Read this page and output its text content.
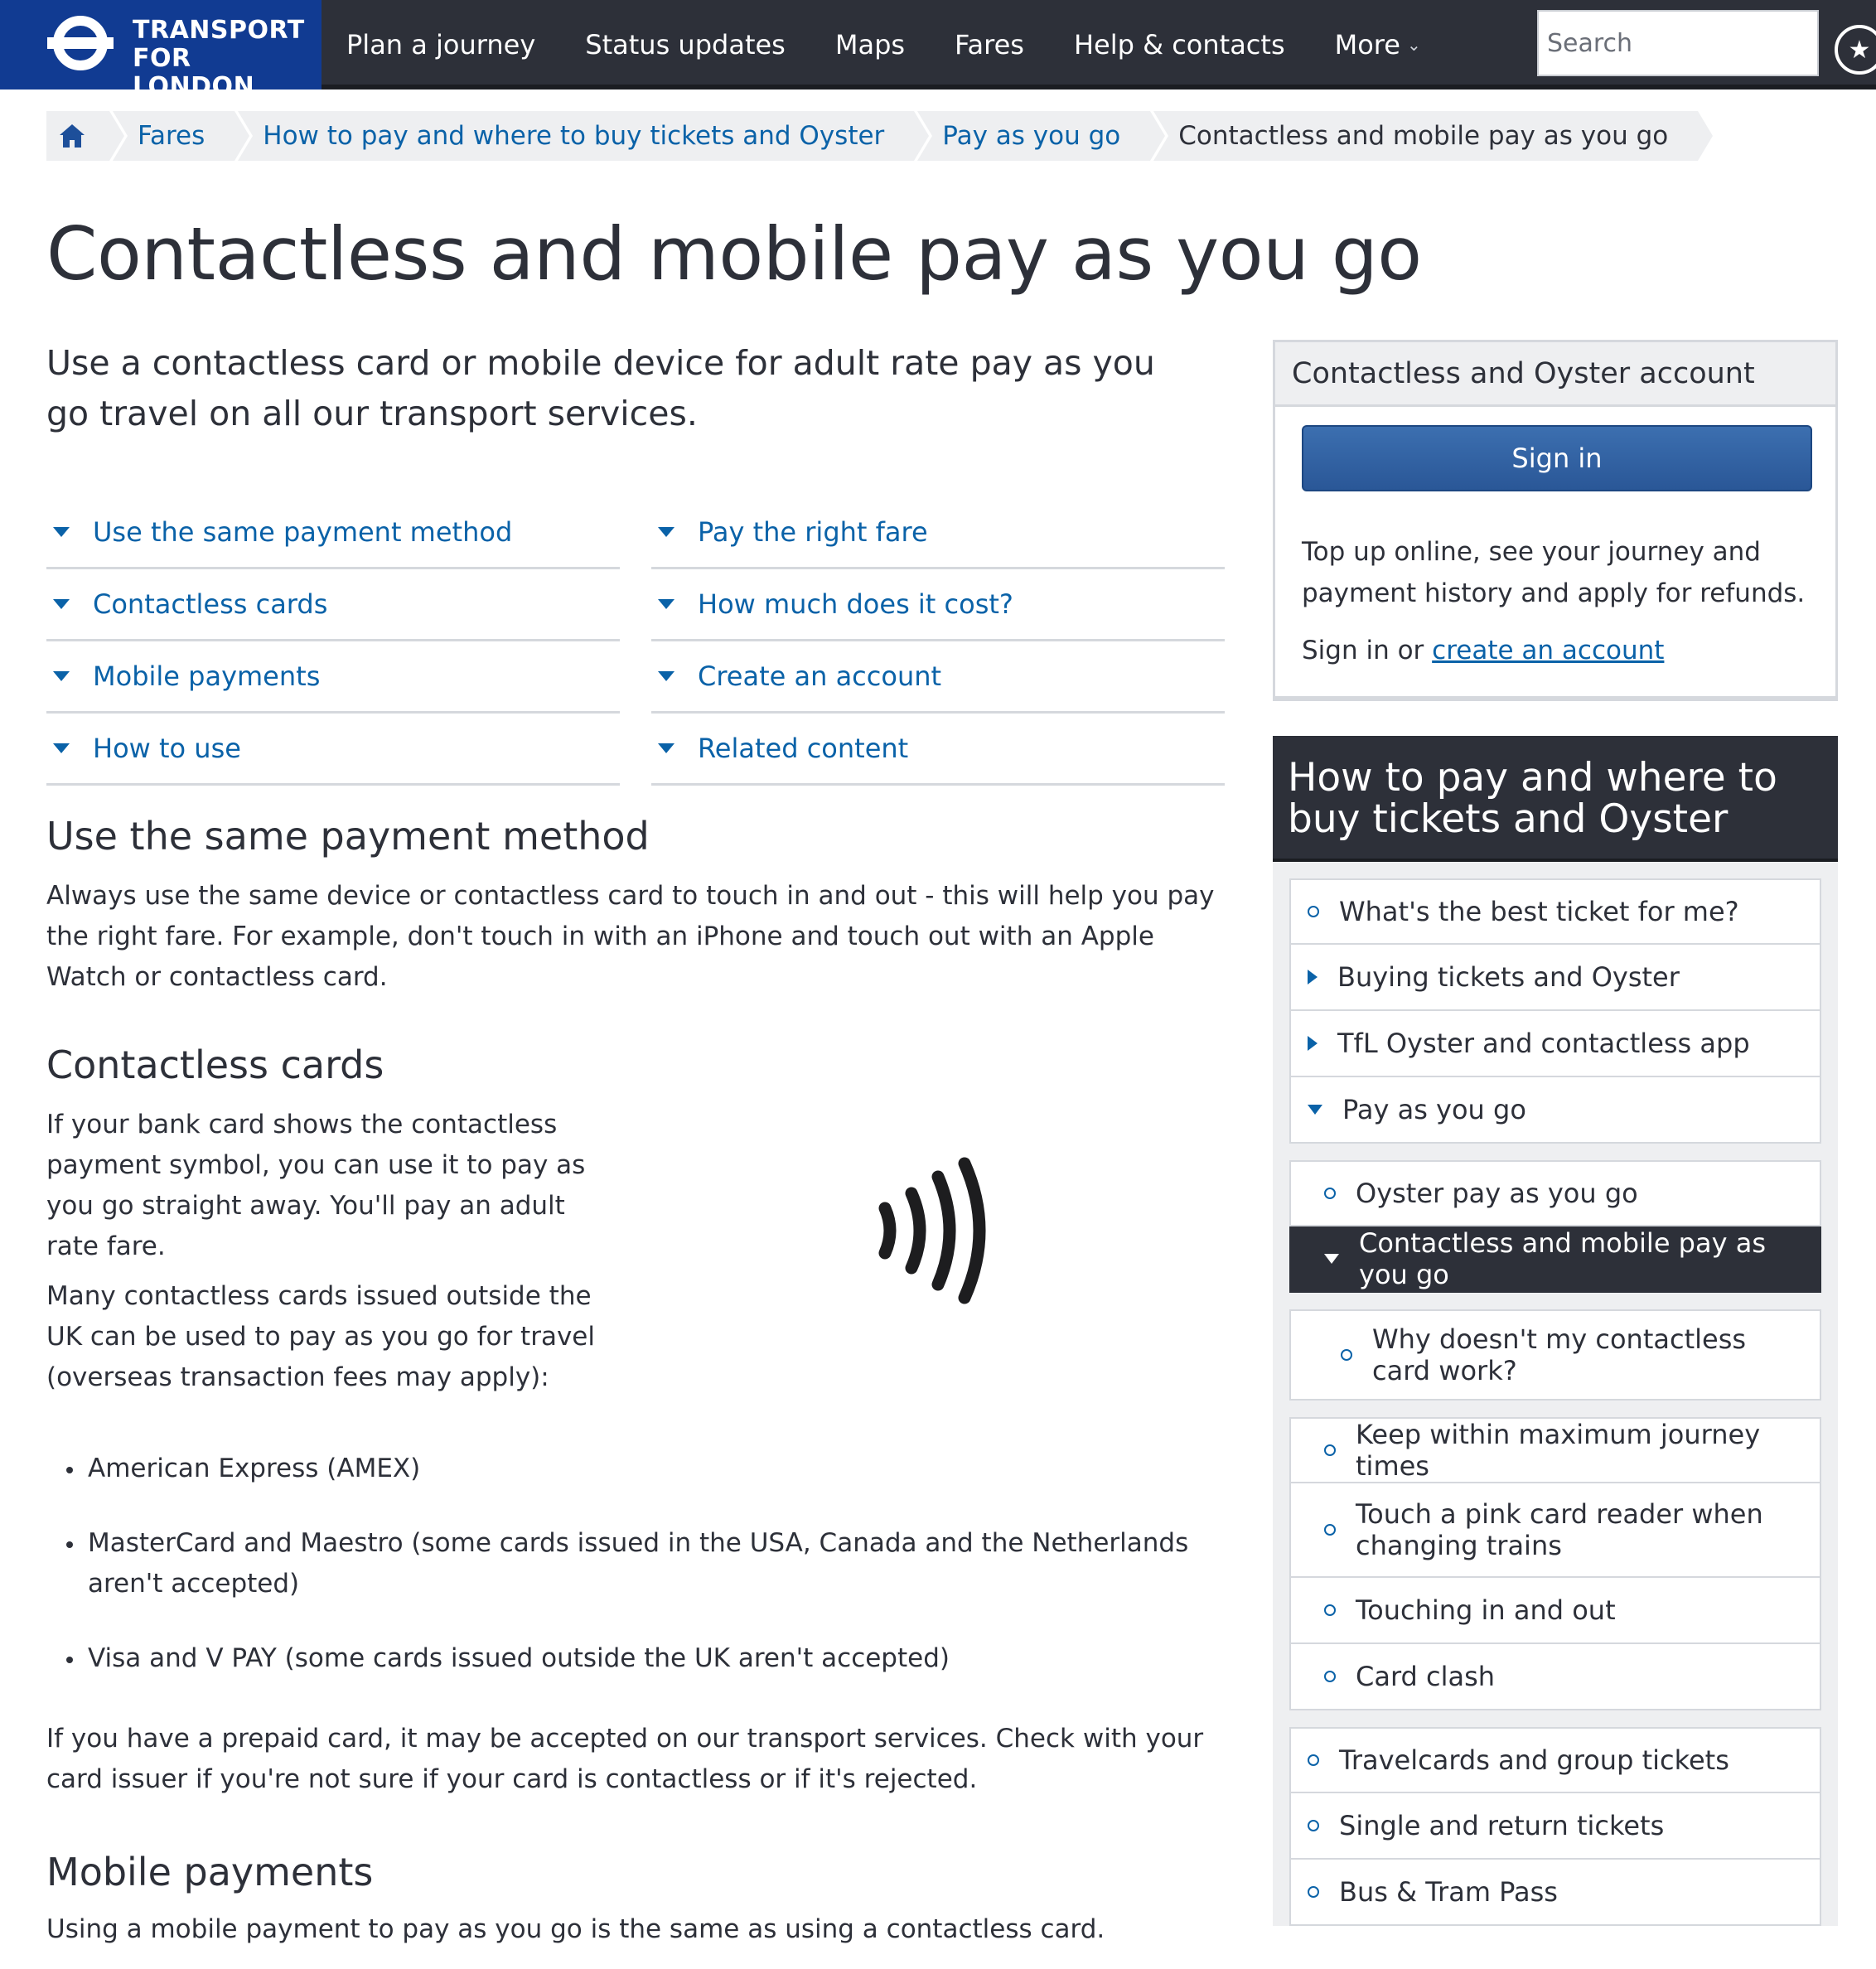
TRANSPORT
FOR LONDON
Plan a journey Status updates Maps Fares Help & contacts More ⌄	Search	★
Fares	How to pay and where to buy tickets and Oyster	Pay as you go	Contactless and mobile pay as you go
Contactless and mobile pay as you go

Use a contactless card or mobile device for adult rate pay as you go travel on all our transport services.

Use the same payment method
Contactless cards
Mobile payments
How to use
Pay the right fare
How much does it cost?
Create an account
Related content
Use the same payment method

Always use the same device or contactless card to touch in and out - this will help you pay the right fare. For example, don't touch in with an iPhone and touch out with an Apple Watch or contactless card.

Contactless cards

If your bank card shows the contactless payment symbol, you can use it to pay as you go straight away. You'll pay an adult rate fare.

Many contactless cards issued outside the UK can be used to pay as you go for travel (overseas transaction fees may apply):

American Express (AMEX)
MasterCard and Maestro (some cards issued in the USA, Canada and the Netherlands aren't accepted)
Visa and V PAY (some cards issued outside the UK aren't accepted)

If you have a prepaid card, it may be accepted on our transport services. Check with your card issuer if you're not sure if your card is contactless or if it's rejected.

Mobile payments

Using a mobile payment to pay as you go is the same as using a contactless card.

Contactless and Oyster account
Sign in

Top up online, see your journey and payment history and apply for refunds.

Sign in or create an account

How to pay and where to buy tickets and Oyster
What's the best ticket for me?
Buying tickets and Oyster
TfL Oyster and contactless app
Pay as you go
Oyster pay as you go
Contactless and mobile pay as you go
Why doesn't my contactless card work?
Keep within maximum journey times
Touch a pink card reader when changing trains
Touching in and out
Card clash
Travelcards and group tickets
Single and return tickets
Bus & Tram Pass
